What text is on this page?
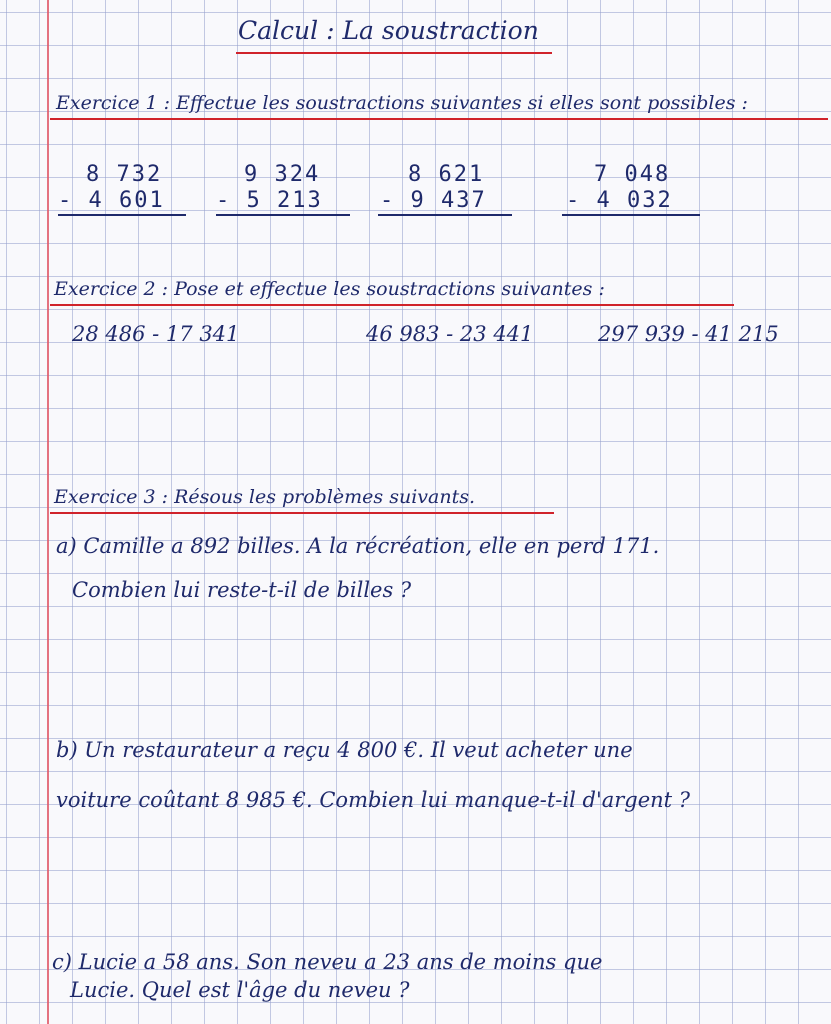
Calcul : La soustraction
Exercice 1 : Effectue les soustractions suivantes si elles sont possibles :
8 732
- 4 601
9 324
- 5 213
8 621
- 9 437
7 048
- 4 032
Exercice 2 : Pose et effectue les soustractions suivantes :
28 486 - 17 341	46 983 - 23 441	297 939 - 41 215
Exercice 3 : Résous les problèmes suivants.
a) Camille a 892 billes. A la récréation, elle en perd 171.
Combien lui reste-t-il de billes ?
b) Un restaurateur a reçu 4 800 €. Il veut acheter une
voiture coûtant 8 985 €. Combien lui manque-t-il d'argent ?
c) Lucie a 58 ans. Son neveu a 23 ans de moins que
Lucie. Quel est l'âge du neveu ?
